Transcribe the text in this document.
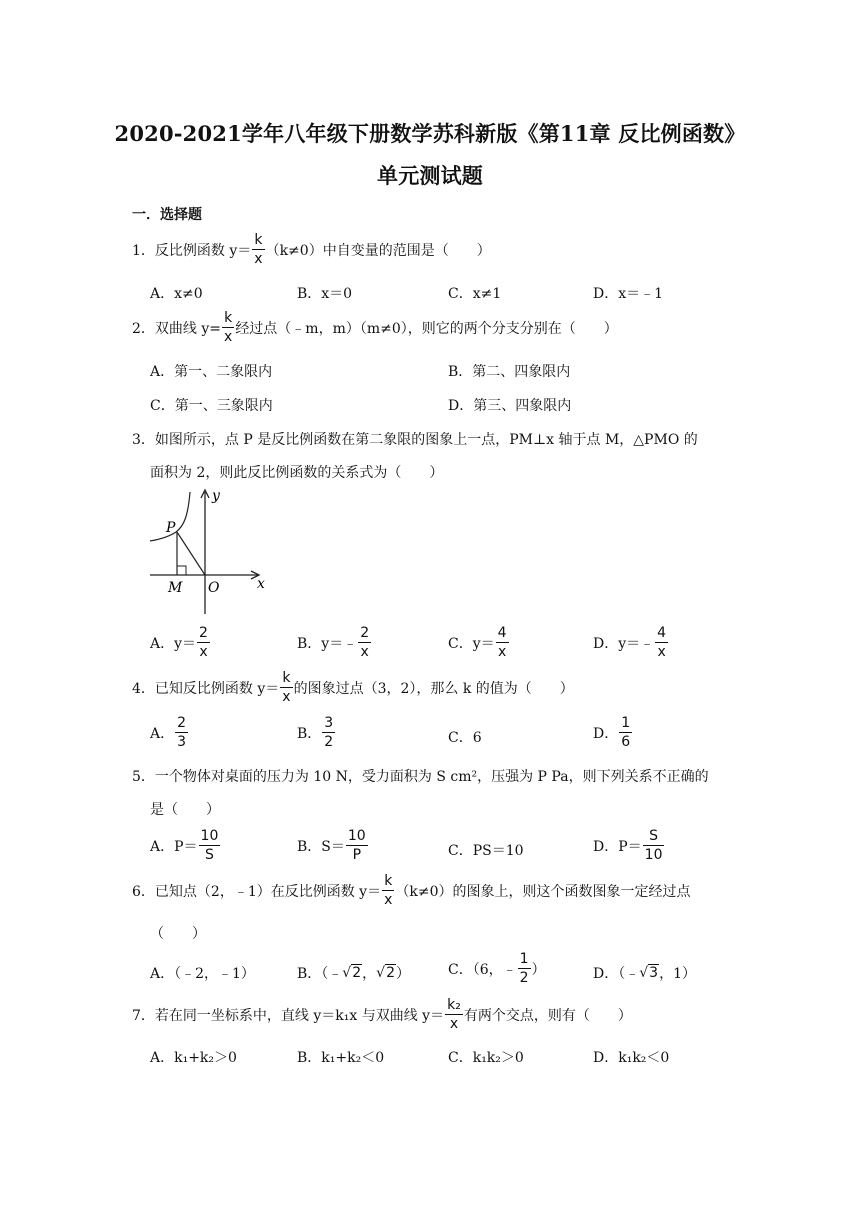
2020-2021学年八年级下册数学苏科新版《第11章 反比例函数》
单元测试题
一．选择题
1． 反比例函数 $y= \frac{k}{x} (k\ne 0)$中自变量的范围是（　　）
A．x≠0	B．x＝0	C．x≠1	D．x＝﹣1
2． 双曲线 $y= \frac{k}{x}$ 经过点（﹣m，m）（m≠0），则它的两个分支分别在（　　）
A．第一、二象限内	B．第二、四象限内
C．第一、三象限内	D．第三、四象限内
3．如图所示，点 P 是反比例函数在第二象限的图象上一点，PM⊥x 轴于点 M，△PMO 的
面积为 2，则此反比例函数的关系式为（　　）
y
x
P
M O
A．$y= \frac{2}{x}$	B．y＝ ﹣ $\frac{2}{x}$	C．$y= \frac{4}{x}$	D．y＝ ﹣ $\frac{4}{x}$
4． 已知反比例函数 $y= \frac{k}{x}$ 的图象过点（3，2），那么 k 的值为（　　）
A． $\frac{2}{3}$	B． $\frac{3}{2}$	C．6	D． $\frac{1}{6}$
5．一个物体对桌面的压力为 10 N，受力面积为 S cm²，压强为 P Pa，则下列关系不正确的
是（　　）
A．$P= \frac{10}{S}$	B．$S= \frac{10}{P}$	C．PS＝10	D．$P= \frac{S}{10}$
6． 已知点（2，﹣1）在反比例函数 $y= \frac{k}{x} (k\ne 0)$的图象上，则这个函数图象一定经过点
（　　）
A．（﹣2，﹣1）	B．（﹣ √2 ， √2 ）	C．（6，﹣ $\frac{1}{2}$ ）	D．（﹣ √3 ，1）
7． 若在同一坐标系中，直线 y＝k₁x 与双曲线 $y= \frac{\text{k₂}}{x}$ 有两个交点，则有（　　）
A．k₁+k₂＞0	B．k₁+k₂＜0	C．k₁k₂＞0	D．k₁k₂＜0
